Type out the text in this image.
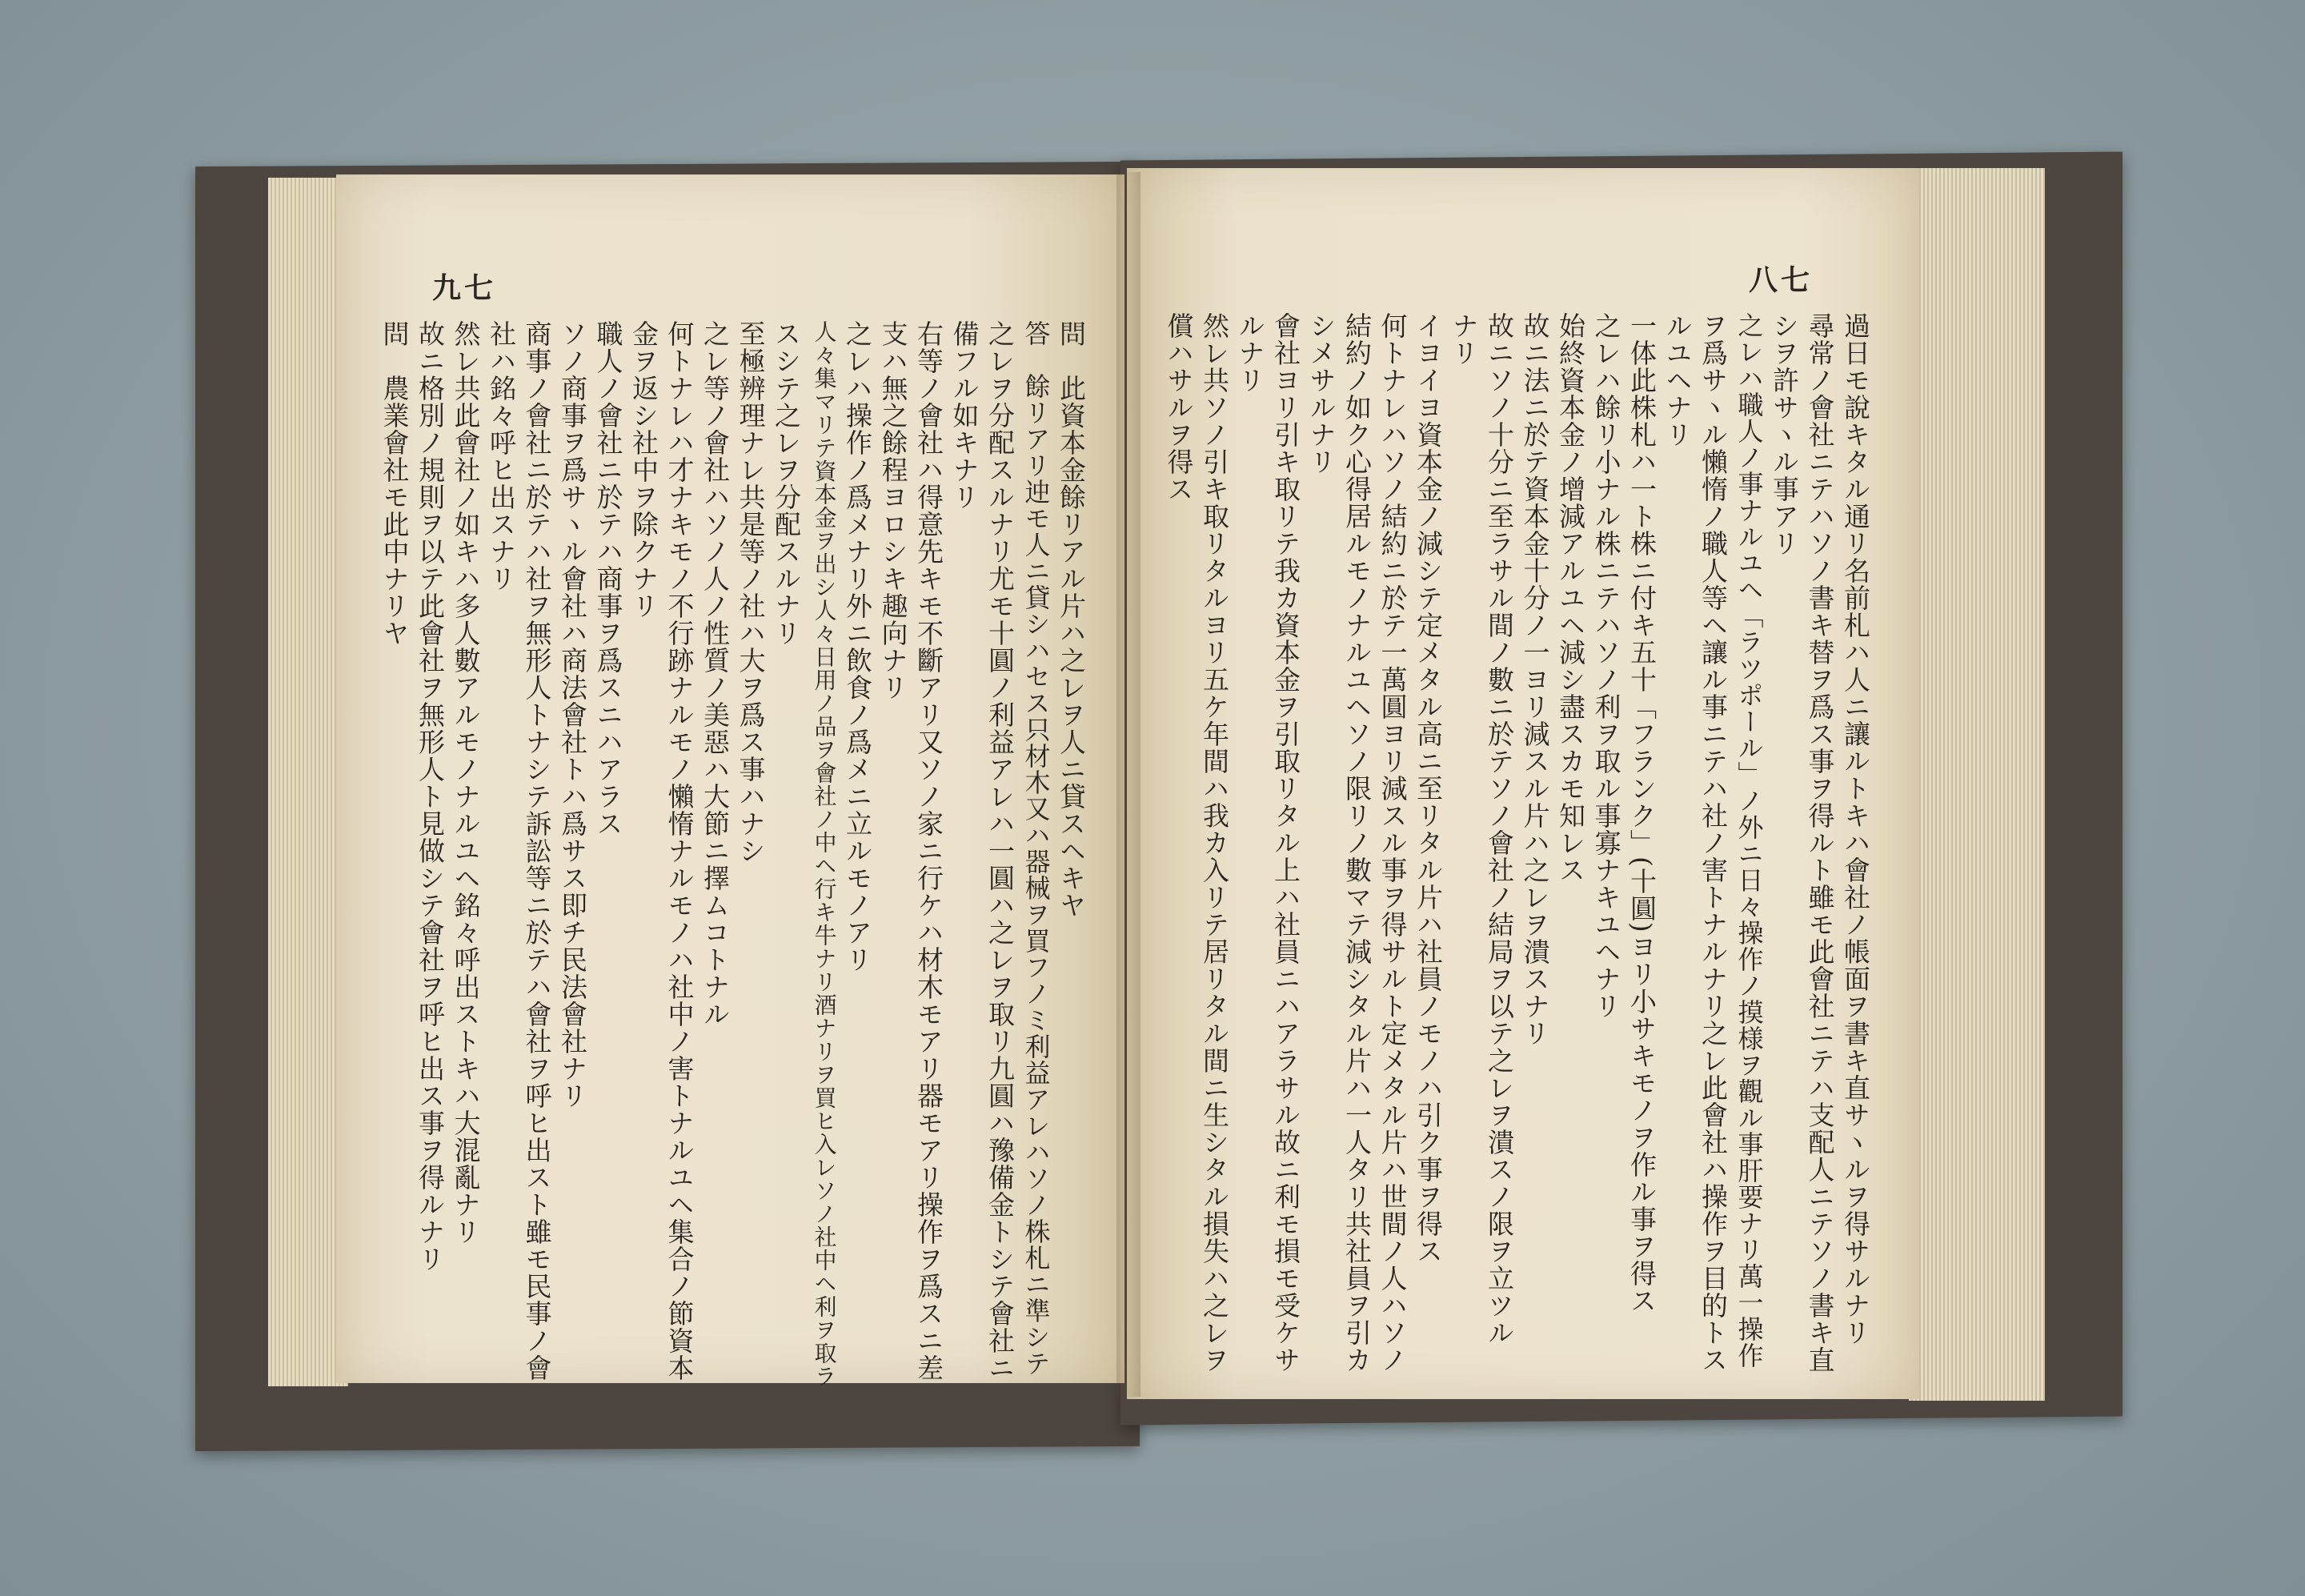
九七	八七
問　此資本金餘リアル片ハ之レヲ人ニ貸スヘキヤ
答　餘リアリ迚モ人ニ貸シハセス只材木又ハ器械ヲ買フノミ利益アレハソノ株札ニ準シテ
之レヲ分配スルナリ尤モ十圓ノ利益アレハ一圓ハ之レヲ取リ九圓ハ豫備金トシテ會社ニ
備フル如キナリ
右等ノ會社ハ得意先キモ不斷アリ又ソノ家ニ行ケハ材木モアリ器モアリ操作ヲ爲スニ差
支ハ無之餘程ヨロシキ趣向ナリ
之レハ操作ノ爲メナリ外ニ飲食ノ爲メニ立ルモノアリ
人々集マリテ資本金ヲ出シ人々日用ノ品ヲ會社ノ中ヘ行キ牛ナリ酒ナリヲ買ヒ入レソノ社中ヘ利ヲ取ラ
スシテ之レヲ分配スルナリ
至極辨理ナレ共是等ノ社ハ大ヲ爲ス事ハナシ
之レ等ノ會社ハソノ人ノ性質ノ美惡ハ大節ニ擇ムコトナル
何トナレハ才ナキモノ不行跡ナルモノ懶惰ナルモノハ社中ノ害トナルユヘ集合ノ節資本
金ヲ返シ社中ヲ除クナリ
職人ノ會社ニ於テハ商事ヲ爲スニハアラス
ソノ商事ヲ爲サヽル會社ハ商法會社トハ爲サス即チ民法會社ナリ
商事ノ會社ニ於テハ社ヲ無形人トナシテ訴訟等ニ於テハ會社ヲ呼ヒ出スト雖モ民事ノ會
社ハ銘々呼ヒ出スナリ
然レ共此會社ノ如キハ多人數アルモノナルユヘ銘々呼出ストキハ大混亂ナリ
故ニ格別ノ規則ヲ以テ此會社ヲ無形人ト見做シテ會社ヲ呼ヒ出ス事ヲ得ルナリ
問　農業會社モ此中ナリヤ	過日モ說キタル通リ名前札ハ人ニ讓ルトキハ會社ノ帳面ヲ書キ直サヽルヲ得サルナリ
尋常ノ會社ニテハソノ書キ替ヲ爲ス事ヲ得ルト雖モ此會社ニテハ支配人ニテソノ書キ直
シヲ許サヽル事アリ
之レハ職人ノ事ナルユヘ「ラツポール」ノ外ニ日々操作ノ摸様ヲ觀ル事肝要ナリ萬一操作
ヲ爲サヽル懶惰ノ職人等ヘ讓ル事ニテハ社ノ害トナルナリ之レ此會社ハ操作ヲ目的トス
ルユヘナリ
一体此株札ハ一ト株ニ付キ五十「フランク」(十圓)ヨリ小サキモノヲ作ル事ヲ得ス
之レハ餘リ小ナル株ニテハソノ利ヲ取ル事寡ナキユヘナリ
始終資本金ノ增減アルユヘ減シ盡スカモ知レス
故ニ法ニ於テ資本金十分ノ一ヨリ減スル片ハ之レヲ潰スナリ
故ニソノ十分ニ至ラサル間ノ數ニ於テソノ會社ノ結局ヲ以テ之レヲ潰スノ限ヲ立ツル
ナリ
イヨイヨ資本金ノ減シテ定メタル高ニ至リタル片ハ社員ノモノハ引ク事ヲ得ス
何トナレハソノ結約ニ於テ一萬圓ヨリ減スル事ヲ得サルト定メタル片ハ世間ノ人ハソノ
結約ノ如ク心得居ルモノナルユヘソノ限リノ數マテ減シタル片ハ一人タリ共社員ヲ引カ
シメサルナリ
會社ヨリ引キ取リテ我カ資本金ヲ引取リタル上ハ社員ニハアラサル故ニ利モ損モ受ケサ
ルナリ
然レ共ソノ引キ取リタルヨリ五ケ年間ハ我カ入リテ居リタル間ニ生シタル損失ハ之レヲ
償ハサルヲ得ス
